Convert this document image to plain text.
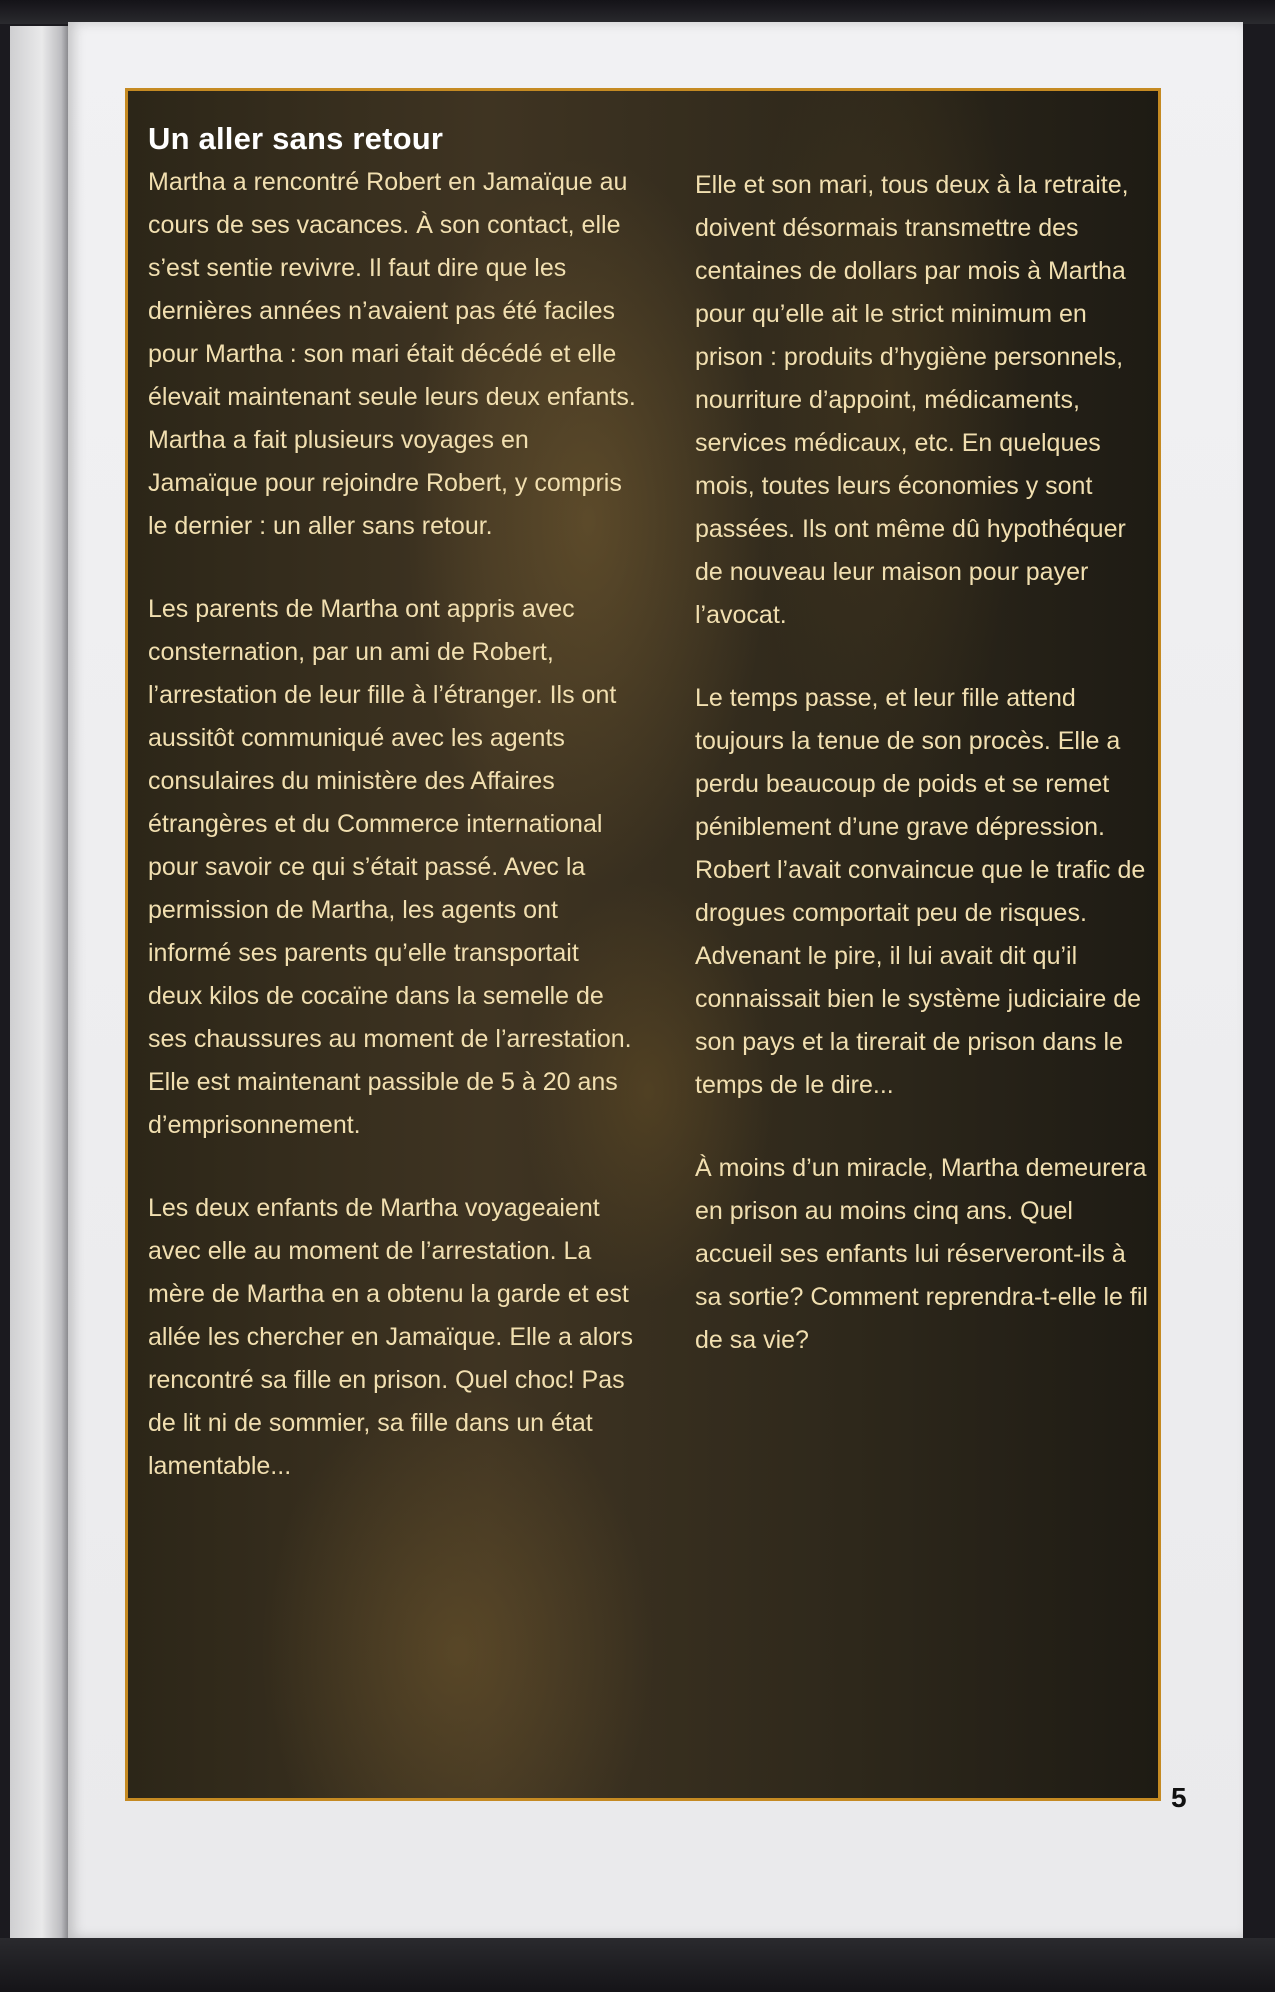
Un aller sans retour

Martha a rencontré Robert en Jamaïque au cours de ses vacances. À son contact, elle s’est sentie revivre. Il faut dire que les dernières années n’avaient pas été faciles pour Martha : son mari était décédé et elle élevait maintenant seule leurs deux enfants. Martha a fait plusieurs voyages en Jamaïque pour rejoindre Robert, y compris le dernier : un aller sans retour.

Les parents de Martha ont appris avec consternation, par un ami de Robert, l’arrestation de leur fille à l’étranger. Ils ont aussitôt communiqué avec les agents consulaires du ministère des Affaires étrangères et du Commerce international pour savoir ce qui s’était passé. Avec la permission de Martha, les agents ont informé ses parents qu’elle transportait deux kilos de cocaïne dans la semelle de ses chaussures au moment de l’arrestation. Elle est maintenant passible de 5 à 20 ans d’emprisonnement.

Les deux enfants de Martha voyageaient avec elle au moment de l’arrestation. La mère de Martha en a obtenu la garde et est allée les chercher en Jamaïque. Elle a alors rencontré sa fille en prison. Quel choc! Pas de lit ni de sommier, sa fille dans un état lamentable...

Elle et son mari, tous deux à la retraite, doivent désormais transmettre des centaines de dollars par mois à Martha pour qu’elle ait le strict minimum en prison : produits d’hygiène personnels, nourriture d’appoint, médicaments, services médicaux, etc. En quelques mois, toutes leurs économies y sont passées. Ils ont même dû hypothéquer de nouveau leur maison pour payer l’avocat.

Le temps passe, et leur fille attend toujours la tenue de son procès. Elle a perdu beaucoup de poids et se remet péniblement d’une grave dépression. Robert l’avait convaincue que le trafic de drogues comportait peu de risques. Advenant le pire, il lui avait dit qu’il connaissait bien le système judiciaire de son pays et la tirerait de prison dans le temps de le dire...

À moins d’un miracle, Martha demeurera en prison au moins cinq ans. Quel accueil ses enfants lui réserveront-ils à sa sortie? Comment reprendra-t-elle le fil de sa vie?

5
